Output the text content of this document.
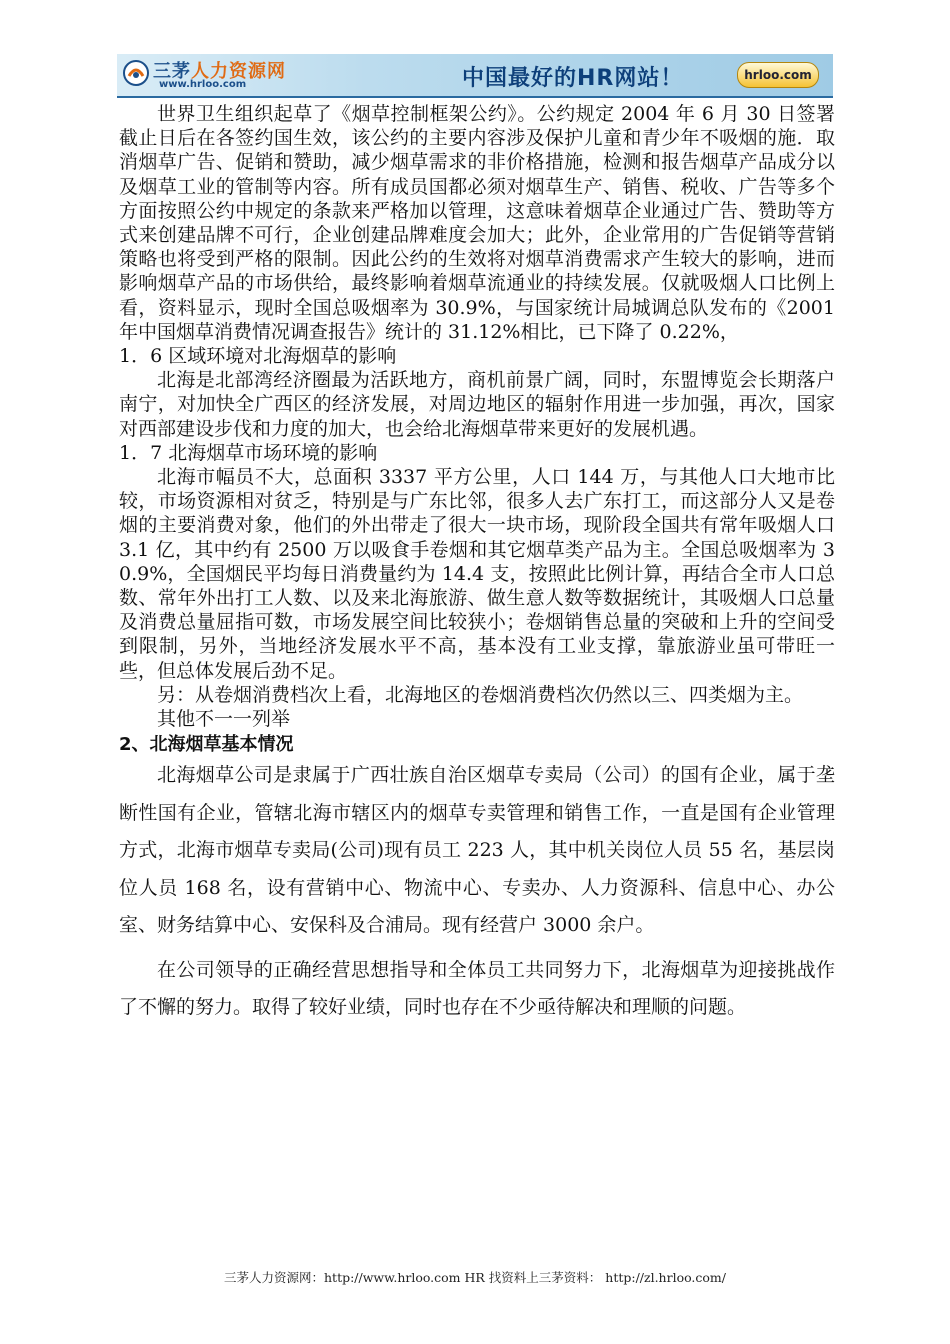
三茅人力资源网
www.hrloo.com	中国最好的HR网站！	hrloo.com

世界卫生组织起草了《烟草控制框架公约》。公约规定 2004 年 6 月 30 日签署截止日后在各签约国生效，该公约的主要内容涉及保护儿童和青少年不吸烟的施．取消烟草广告、促销和赞助，减少烟草需求的非价格措施，检测和报告烟草产品成分以及烟草工业的管制等内容。所有成员国都必须对烟草生产、销售、税收、广告等多个方面按照公约中规定的条款来严格加以管理，这意味着烟草企业通过广告、赞助等方式来创建品牌不可行，企业创建品牌难度会加大；此外，企业常用的广告促销等营销策略也将受到严格的限制。因此公约的生效将对烟草消费需求产生较大的影响，进而影响烟草产品的市场供给，最终影响着烟草流通业的持续发展。仅就吸烟人口比例上看，资料显示，现时全国总吸烟率为 30.9%，与国家统计局城调总队发布的《2001 年中国烟草消费情况调查报告》统计的 31.12%相比，已下降了 0.22%，

1．6 区域环境对北海烟草的影响

北海是北部湾经济圈最为活跃地方，商机前景广阔，同时，东盟博览会长期落户南宁，对加快全广西区的经济发展，对周边地区的辐射作用进一步加强，再次，国家对西部建设步伐和力度的加大，也会给北海烟草带来更好的发展机遇。

1．7 北海烟草市场环境的影响

北海市幅员不大，总面积 3337 平方公里，人口 144 万，与其他人口大地市比较，市场资源相对贫乏，特别是与广东比邻，很多人去广东打工，而这部分人又是卷烟的主要消费对象，他们的外出带走了很大一块市场，现阶段全国共有常年吸烟人口 3.1 亿，其中约有 2500 万以吸食手卷烟和其它烟草类产品为主。全国总吸烟率为 30.9%，全国烟民平均每日消费量约为 14.4 支，按照此比例计算，再结合全市人口总数、常年外出打工人数、以及来北海旅游、做生意人数等数据统计，其吸烟人口总量及消费总量屈指可数，市场发展空间比较狭小；卷烟销售总量的突破和上升的空间受到限制，另外，当地经济发展水平不高，基本没有工业支撑，靠旅游业虽可带旺一些，但总体发展后劲不足。

另：从卷烟消费档次上看，北海地区的卷烟消费档次仍然以三、四类烟为主。

其他不一一列举

2、北海烟草基本情况

北海烟草公司是隶属于广西壮族自治区烟草专卖局（公司）的国有企业，属于垄断性国有企业，管辖北海市辖区内的烟草专卖管理和销售工作，一直是国有企业管理方式，北海市烟草专卖局(公司)现有员工 223 人，其中机关岗位人员 55 名，基层岗位人员 168 名，设有营销中心、物流中心、专卖办、人力资源科、信息中心、办公室、财务结算中心、安保科及合浦局。现有经营户 3000 余户。

在公司领导的正确经营思想指导和全体员工共同努力下，北海烟草为迎接挑战作了不懈的努力。取得了较好业绩，同时也存在不少亟待解决和理顺的问题。

三茅人力资源网：http://www.hrloo.com HR 找资料上三茅资料： http://zl.hrloo.com/
